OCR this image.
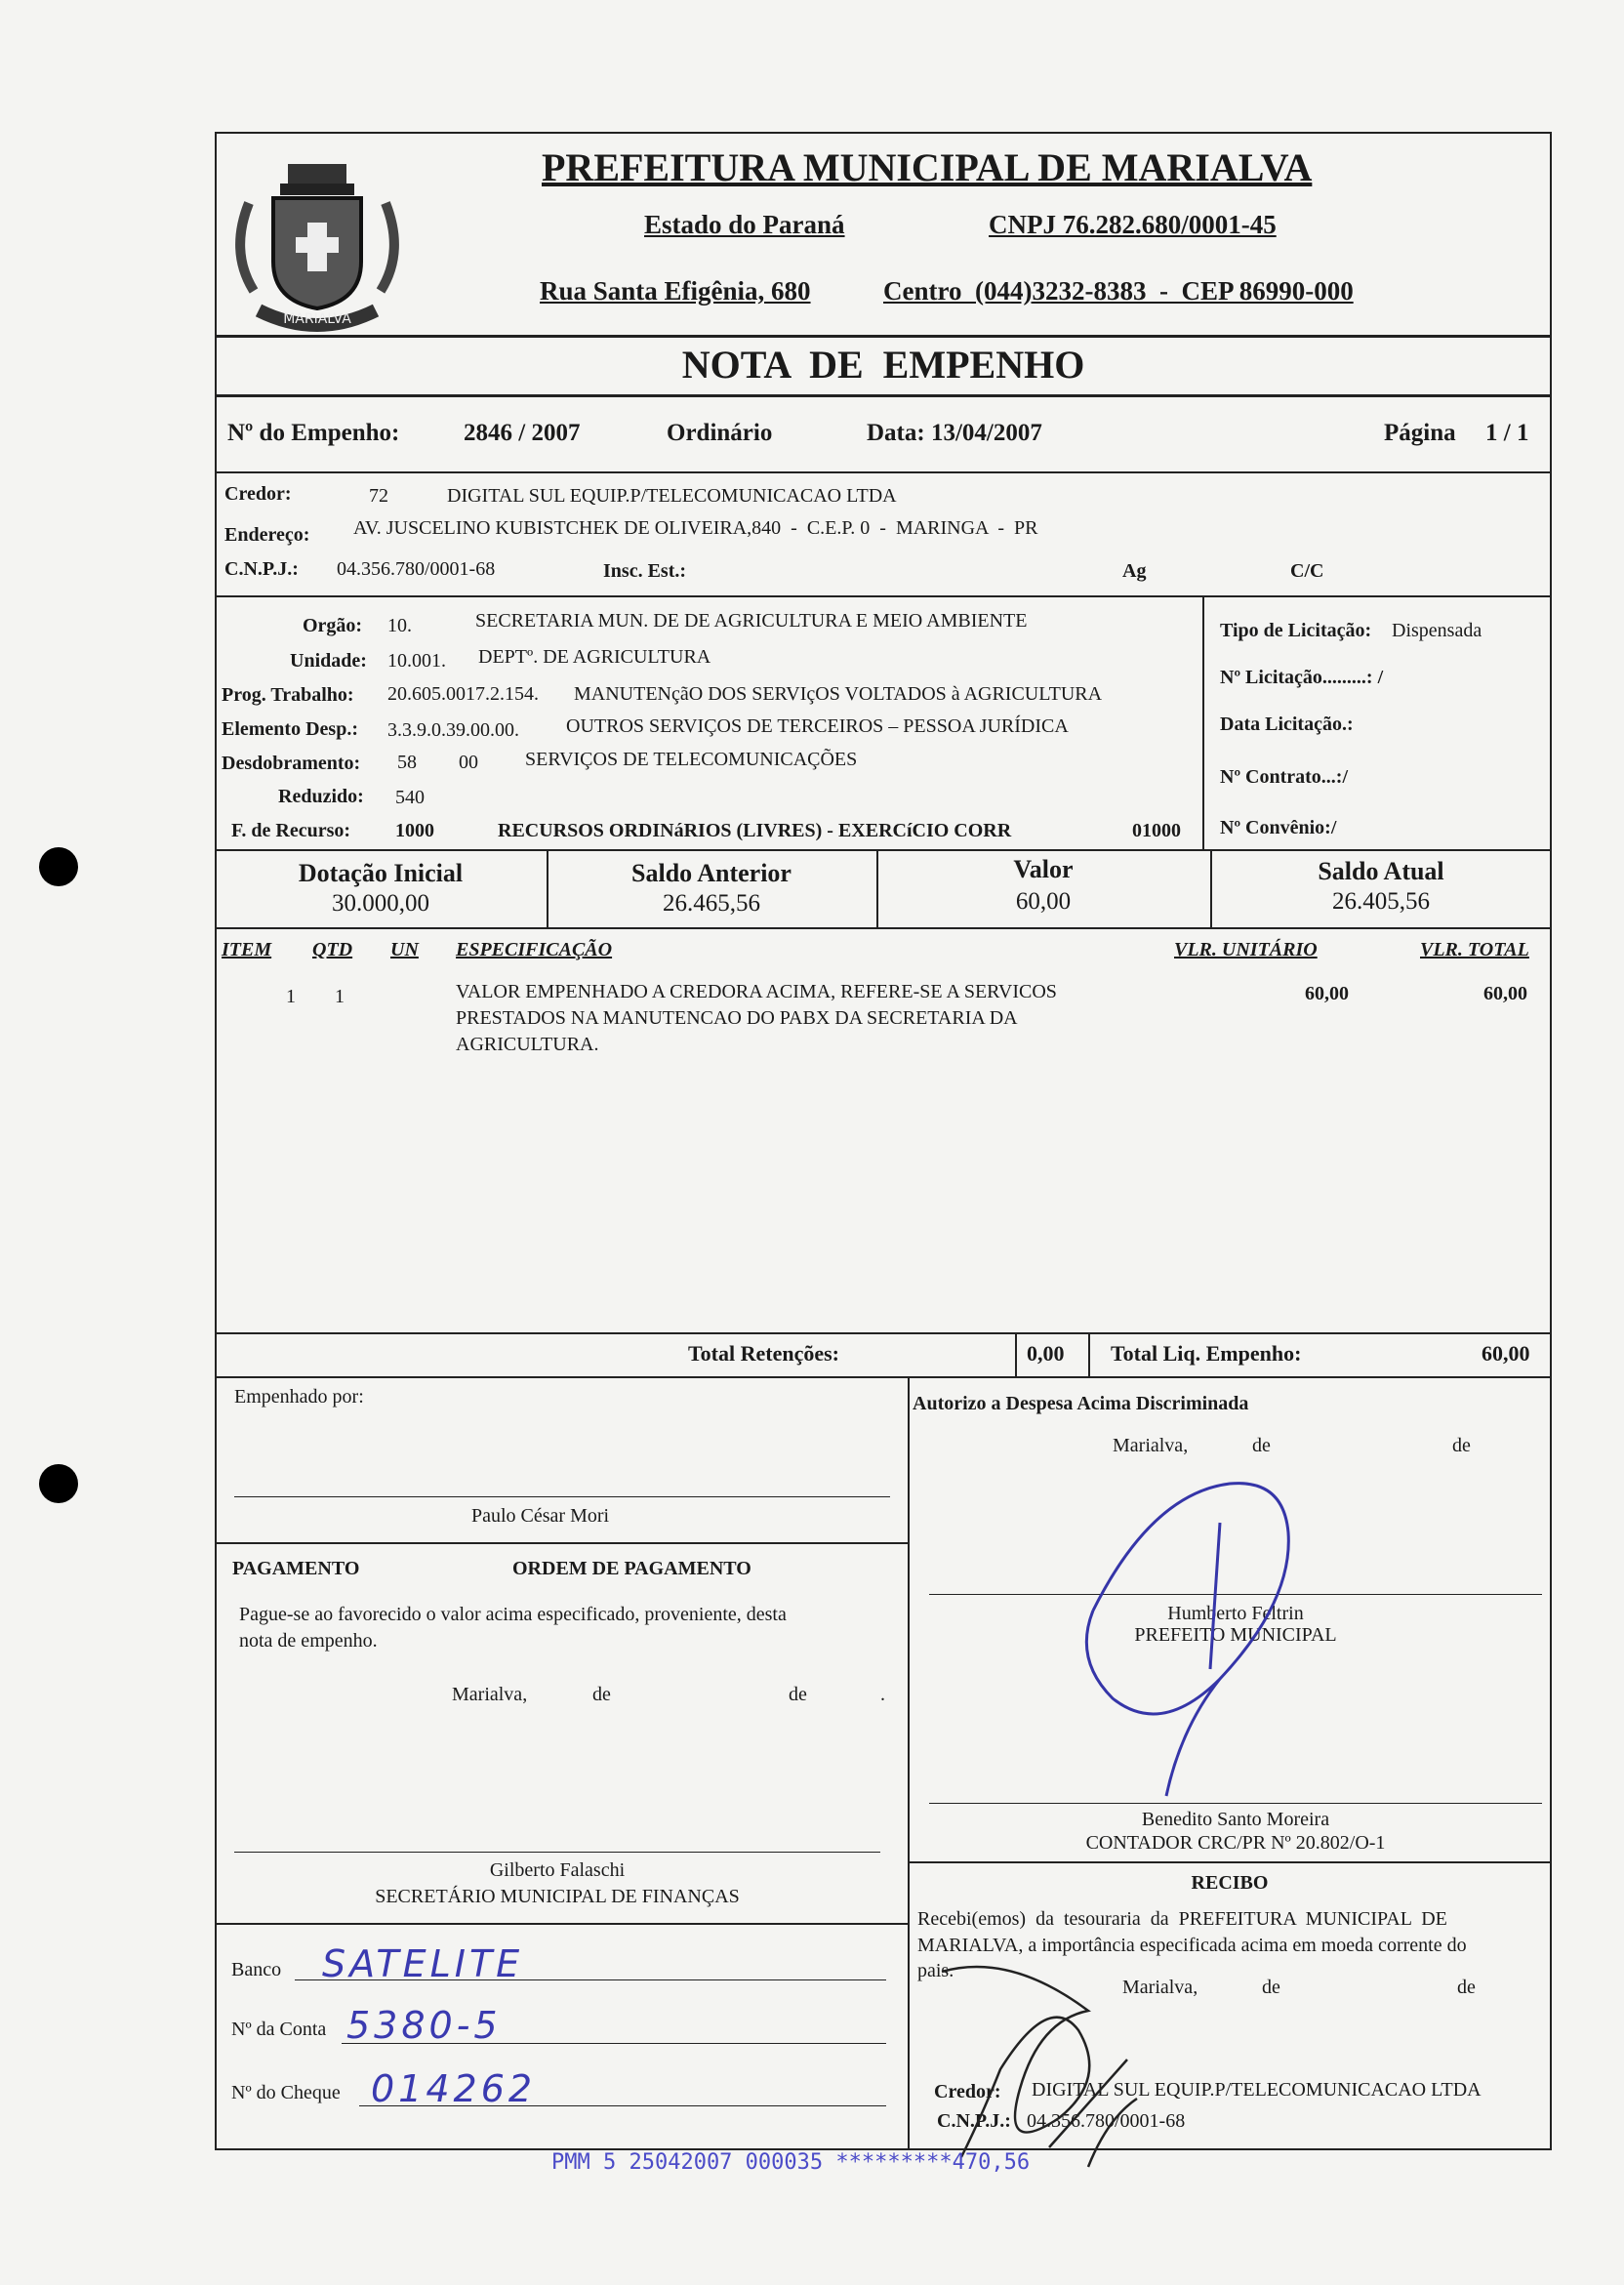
MARIALVA
PREFEITURA MUNICIPAL DE MARIALVA
Estado do Paraná	CNPJ 76.282.680/0001-45
Rua Santa Efigênia, 680	Centro  (044)3232-8383  -  CEP 86990-000
NOTA  DE  EMPENHO
Nº do Empenho:	2846 / 2007	Ordinário	Data: 13/04/2007	Página 1 / 1
Credor:	72	DIGITAL SUL EQUIP.P/TELECOMUNICACAO LTDA
Endereço: AV. JUSCELINO KUBISTCHEK DE OLIVEIRA,840  -  C.E.P. 0  -  MARINGA  -  PR
C.N.P.J.: 04.356.780/0001-68	Insc. Est.:	Ag	C/C
Orgão: 10.	SECRETARIA MUN. DE DE AGRICULTURA E MEIO AMBIENTE
Unidade: 10.001. DEPTº. DE AGRICULTURA
Prog. Trabalho: 20.605.0017.2.154. MANUTENçãO DOS SERVIçOS VOLTADOS à AGRICULTURA
Elemento Desp.: 3.3.9.0.39.00.00. OUTROS SERVIÇOS DE TERCEIROS – PESSOA JURÍDICA
Desdobramento: 58 00 SERVIÇOS DE TELECOMUNICAÇÕES
Reduzido: 540
F. de Recurso: 1000	RECURSOS ORDINáRIOS (LIVRES) - EXERCíCIO CORR	01000
Tipo de Licitação: Dispensada
Nº Licitação.........: /
Data Licitação.:
Nº Contrato...:/
Nº Convênio:/
Dotação Inicial
30.000,00
Saldo Anterior
26.465,56
Valor
60,00
Saldo Atual
26.405,56
ITEM QTD UN ESPECIFICAÇÃO	VLR. UNITÁRIO	VLR. TOTAL
1 1	VALOR EMPENHADO A CREDORA ACIMA, REFERE-SE A SERVICOS
PRESTADOS NA MANUTENCAO DO PABX DA SECRETARIA DA
AGRICULTURA.
60,00	60,00
Total Retenções:	0,00 Total Liq. Empenho:	60,00
Empenhado por:
Paulo César Mori
PAGAMENTO	ORDEM DE PAGAMENTO
Pague-se ao favorecido o valor acima especificado, proveniente, desta
nota de empenho.
Marialva,	de	de	.
Gilberto Falaschi
SECRETÁRIO MUNICIPAL DE FINANÇAS
Banco SATELITE
Nº da Conta 5380-5
Nº do Cheque 014262
Autorizo a Despesa Acima Discriminada
Marialva,	de	de
Humberto Feltrin
PREFEITO MUNICIPAL
Benedito Santo Moreira
CONTADOR CRC/PR Nº 20.802/O-1
RECIBO
Recebi(emos)  da  tesouraria  da  PREFEITURA  MUNICIPAL  DE
MARIALVA, a importância especificada acima em moeda corrente do
pais.
Marialva,	de	de
Credor: DIGITAL SUL EQUIP.P/TELECOMUNICACAO LTDA
C.N.P.J.: 04.356.780/0001-68
PMM 5 25042007 000035 *********470,56
